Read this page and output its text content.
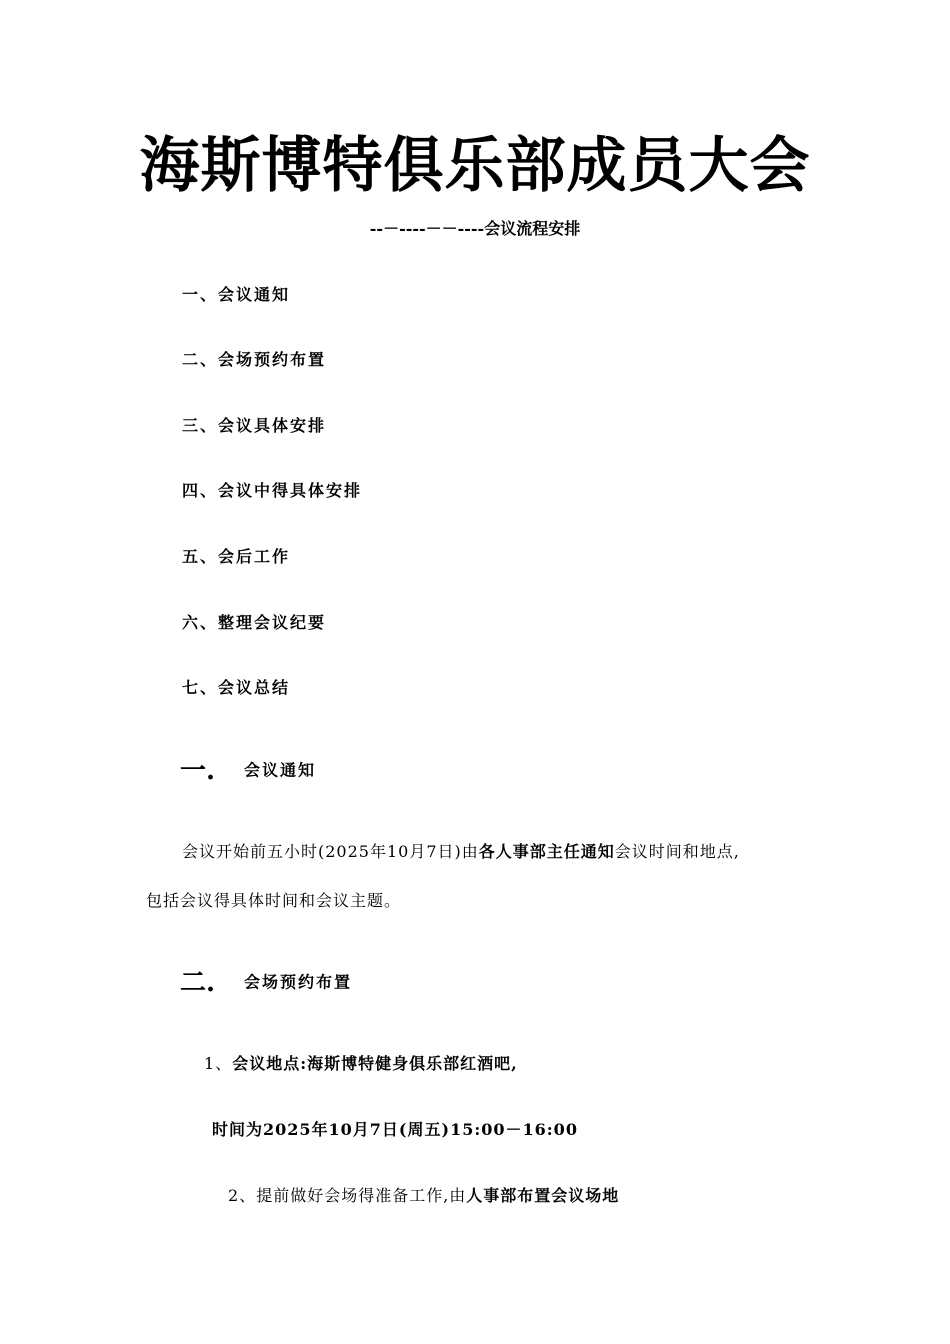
海斯博特俱乐部成员大会
--－----－－----会议流程安排
一、会议通知
二、会场预约布置
三、会议具体安排
四、会议中得具体安排
五、会后工作
六、整理会议纪要
七、会议总结
一. 会议通知
会议开始前五小时(2025年10月7日)由各人事部主任通知会议时间和地点,
包括会议得具体时间和会议主题。
二. 会场预约布置
1、会议地点:海斯博特健身俱乐部红酒吧,
时间为2025年10月7日(周五)15:00－16:00
2、提前做好会场得准备工作,由人事部布置会议场地
